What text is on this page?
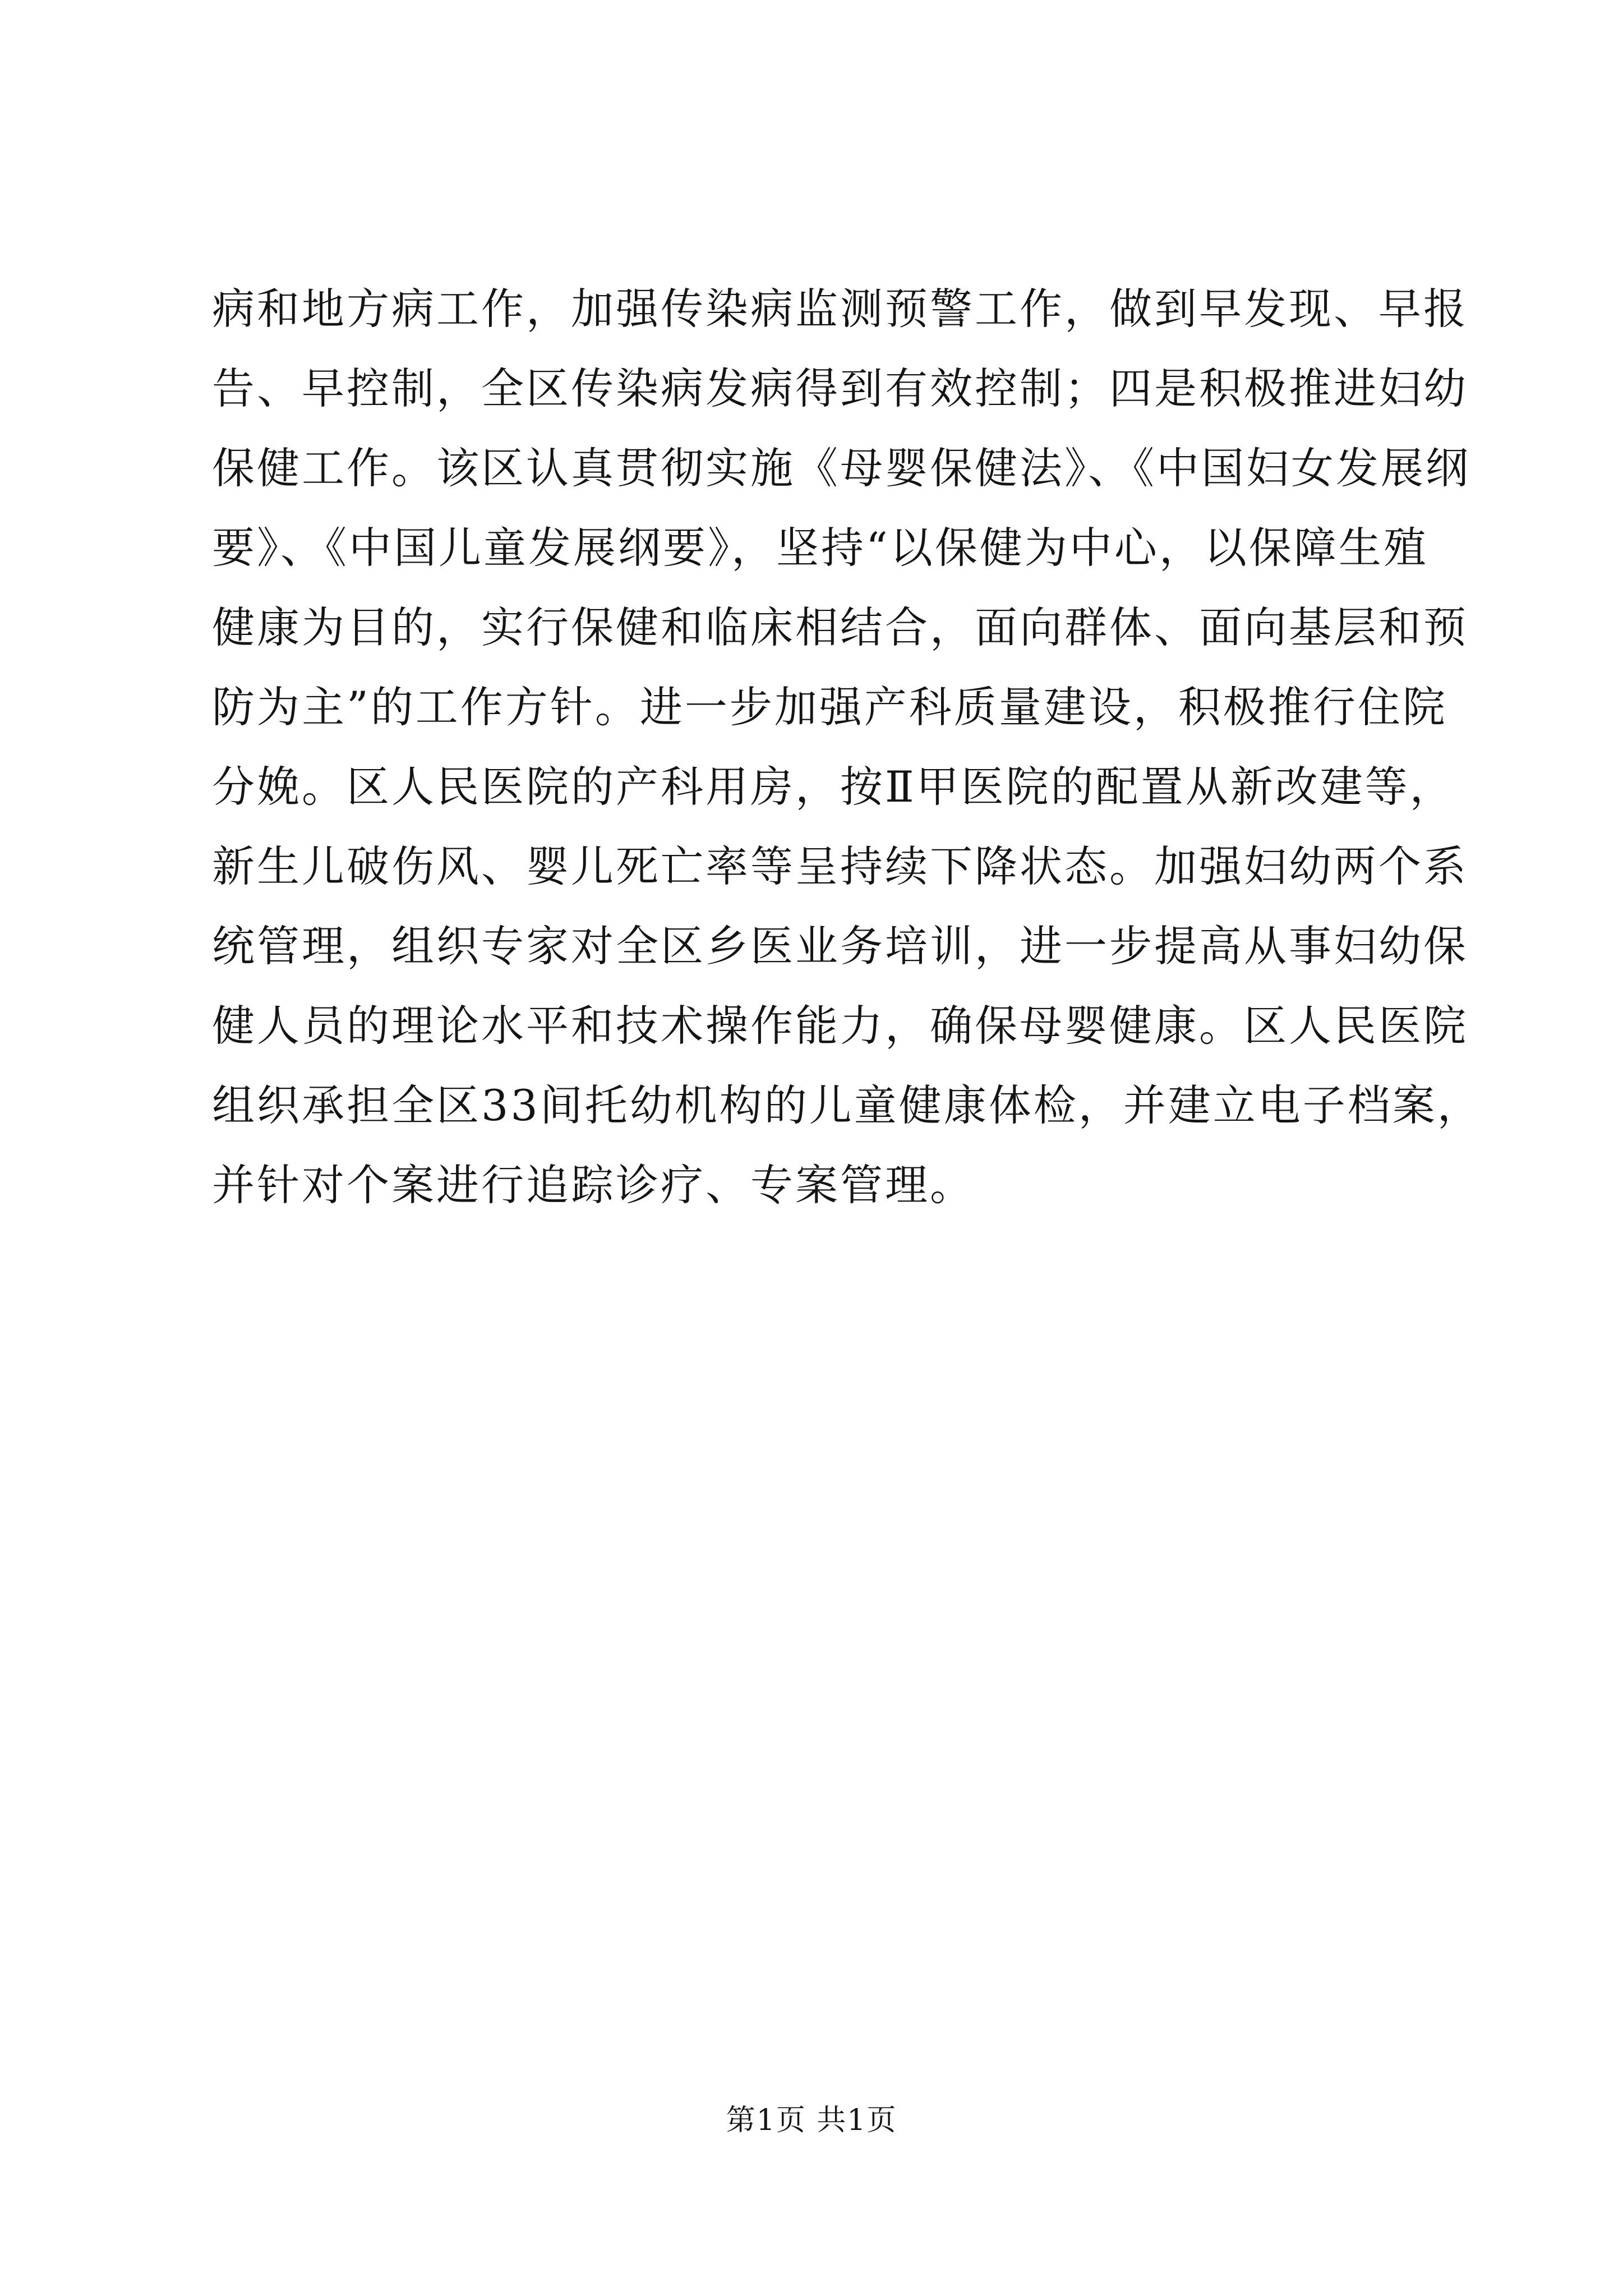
病和地方病工作，加强传染病监测预警工作，做到早发现、早报
告、早控制，全区传染病发病得到有效控制；四是积极推进妇幼
保健工作。该区认真贯彻实施《母婴保健法》、《中国妇女发展纲
要》、《中国儿童发展纲要》，坚持“以保健为中心，以保障生殖
健康为目的，实行保健和临床相结合，面向群体、面向基层和预
防为主”的工作方针。进一步加强产科质量建设，积极推行住院
分娩。区人民医院的产科用房，按Ⅱ甲医院的配置从新改建等，
新生儿破伤风、婴儿死亡率等呈持续下降状态。加强妇幼两个系
统管理，组织专家对全区乡医业务培训，进一步提高从事妇幼保
健人员的理论水平和技术操作能力，确保母婴健康。区人民医院
组织承担全区33间托幼机构的儿童健康体检，并建立电子档案，
并针对个案进行追踪诊疗、专案管理。
第1页 共1页
